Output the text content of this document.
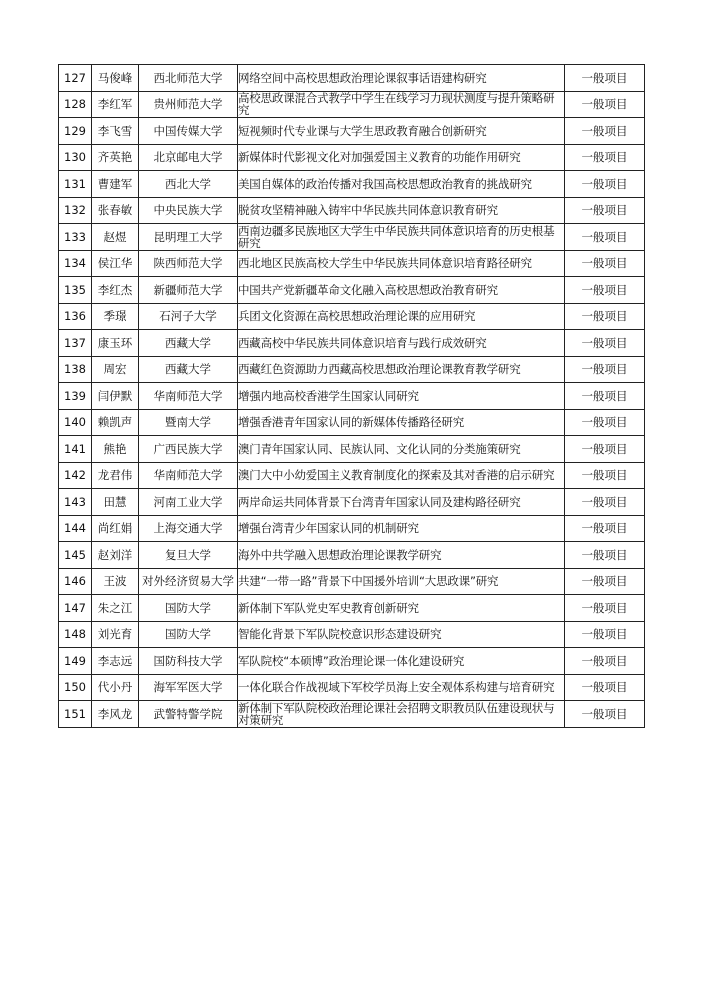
127	马俊峰	西北师范大学	网络空间中高校思想政治理论课叙事话语建构研究	一般项目
128	李红军	贵州师范大学	高校思政课混合式教学中学生在线学习力现状测度与提升策略研究	一般项目
129	李飞雪	中国传媒大学	短视频时代专业课与大学生思政教育融合创新研究	一般项目
130	齐英艳	北京邮电大学	新媒体时代影视文化对加强爱国主义教育的功能作用研究	一般项目
131	曹建军	西北大学	美国自媒体的政治传播对我国高校思想政治教育的挑战研究	一般项目
132	张春敏	中央民族大学	脱贫攻坚精神融入铸牢中华民族共同体意识教育研究	一般项目
133	赵煜	昆明理工大学	西南边疆多民族地区大学生中华民族共同体意识培育的历史根基研究	一般项目
134	侯江华	陕西师范大学	西北地区民族高校大学生中华民族共同体意识培育路径研究	一般项目
135	李红杰	新疆师范大学	中国共产党新疆革命文化融入高校思想政治教育研究	一般项目
136	季璟	石河子大学	兵团文化资源在高校思想政治理论课的应用研究	一般项目
137	康玉环	西藏大学	西藏高校中华民族共同体意识培育与践行成效研究	一般项目
138	周宏	西藏大学	西藏红色资源助力西藏高校思想政治理论课教育教学研究	一般项目
139	闫伊默	华南师范大学	增强内地高校香港学生国家认同研究	一般项目
140	赖凯声	暨南大学	增强香港青年国家认同的新媒体传播路径研究	一般项目
141	熊艳	广西民族大学	澳门青年国家认同、民族认同、文化认同的分类施策研究	一般项目
142	龙君伟	华南师范大学	澳门大中小幼爱国主义教育制度化的探索及其对香港的启示研究	一般项目
143	田慧	河南工业大学	两岸命运共同体背景下台湾青年国家认同及建构路径研究	一般项目
144	尚红娟	上海交通大学	增强台湾青少年国家认同的机制研究	一般项目
145	赵刘洋	复旦大学	海外中共学融入思想政治理论课教学研究	一般项目
146	王波	对外经济贸易大学	共建“一带一路”背景下中国援外培训“大思政课”研究	一般项目
147	朱之江	国防大学	新体制下军队党史军史教育创新研究	一般项目
148	刘光育	国防大学	智能化背景下军队院校意识形态建设研究	一般项目
149	李志远	国防科技大学	军队院校“本硕博”政治理论课一体化建设研究	一般项目
150	代小丹	海军军医大学	一体化联合作战视域下军校学员海上安全观体系构建与培育研究	一般项目
151	李风龙	武警特警学院	新体制下军队院校政治理论课社会招聘文职教员队伍建设现状与对策研究	一般项目
